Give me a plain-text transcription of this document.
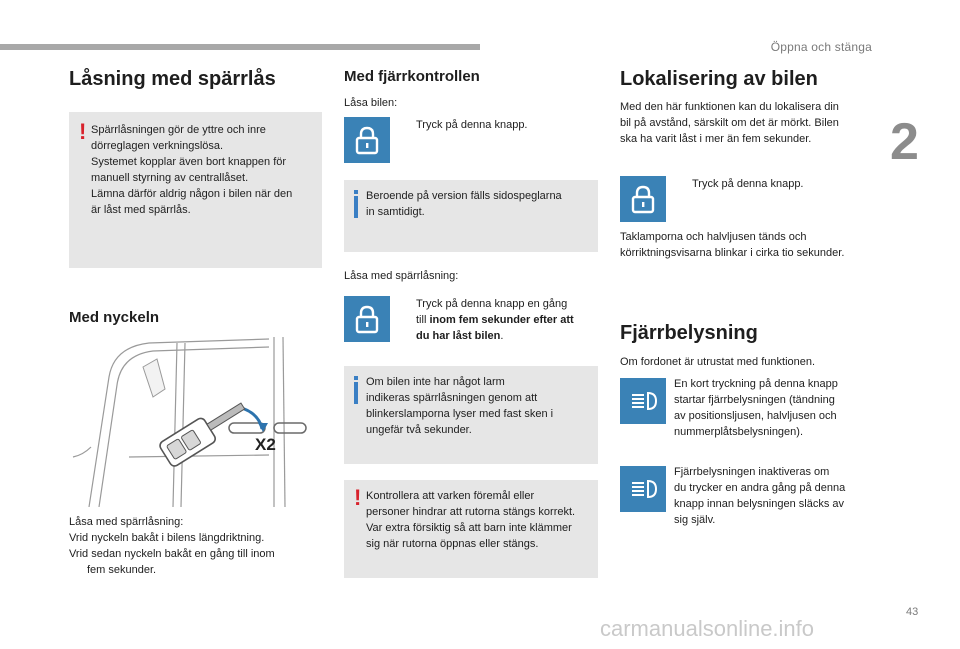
Öppna och stänga
2
43
carmanualsonline.info
Låsning med spärrlås
! Spärrlåsningen gör de yttre och inre
dörreglagen verkningslösa.
Systemet kopplar även bort knappen för
manuell styrning av centrallåset.
Lämna därför aldrig någon i bilen när den
är låst med spärrlås.
Med nyckeln
X2
Låsa med spärrlåsning:
Vrid nyckeln bakåt i bilens längdriktning.
Vrid sedan nyckeln bakåt en gång till inom
fem sekunder.
Med fjärrkontrollen
Låsa bilen:
Tryck på denna knapp.
Beroende på version fälls sidospeglarna
in samtidigt.
Låsa med spärrlåsning:
Tryck på denna knapp en gång
till inom fem sekunder efter att
du har låst bilen.
Om bilen inte har något larm
indikeras spärrlåsningen genom att
blinkerslamporna lyser med fast sken i
ungefär två sekunder.
! Kontrollera att varken föremål eller
personer hindrar att rutorna stängs korrekt.
Var extra försiktig så att barn inte klämmer
sig när rutorna öppnas eller stängs.
Lokalisering av bilen
Med den här funktionen kan du lokalisera din
bil på avstånd, särskilt om det är mörkt. Bilen
ska ha varit låst i mer än fem sekunder.
Tryck på denna knapp.
Taklamporna och halvljusen tänds och
körriktningsvisarna blinkar i cirka tio sekunder.
Fjärrbelysning
Om fordonet är utrustat med funktionen.
En kort tryckning på denna knapp
startar fjärrbelysningen (tändning
av positionsljusen, halvljusen och
nummerplåtsbelysningen).
Fjärrbelysningen inaktiveras om
du trycker en andra gång på denna
knapp innan belysningen släcks av
sig själv.
